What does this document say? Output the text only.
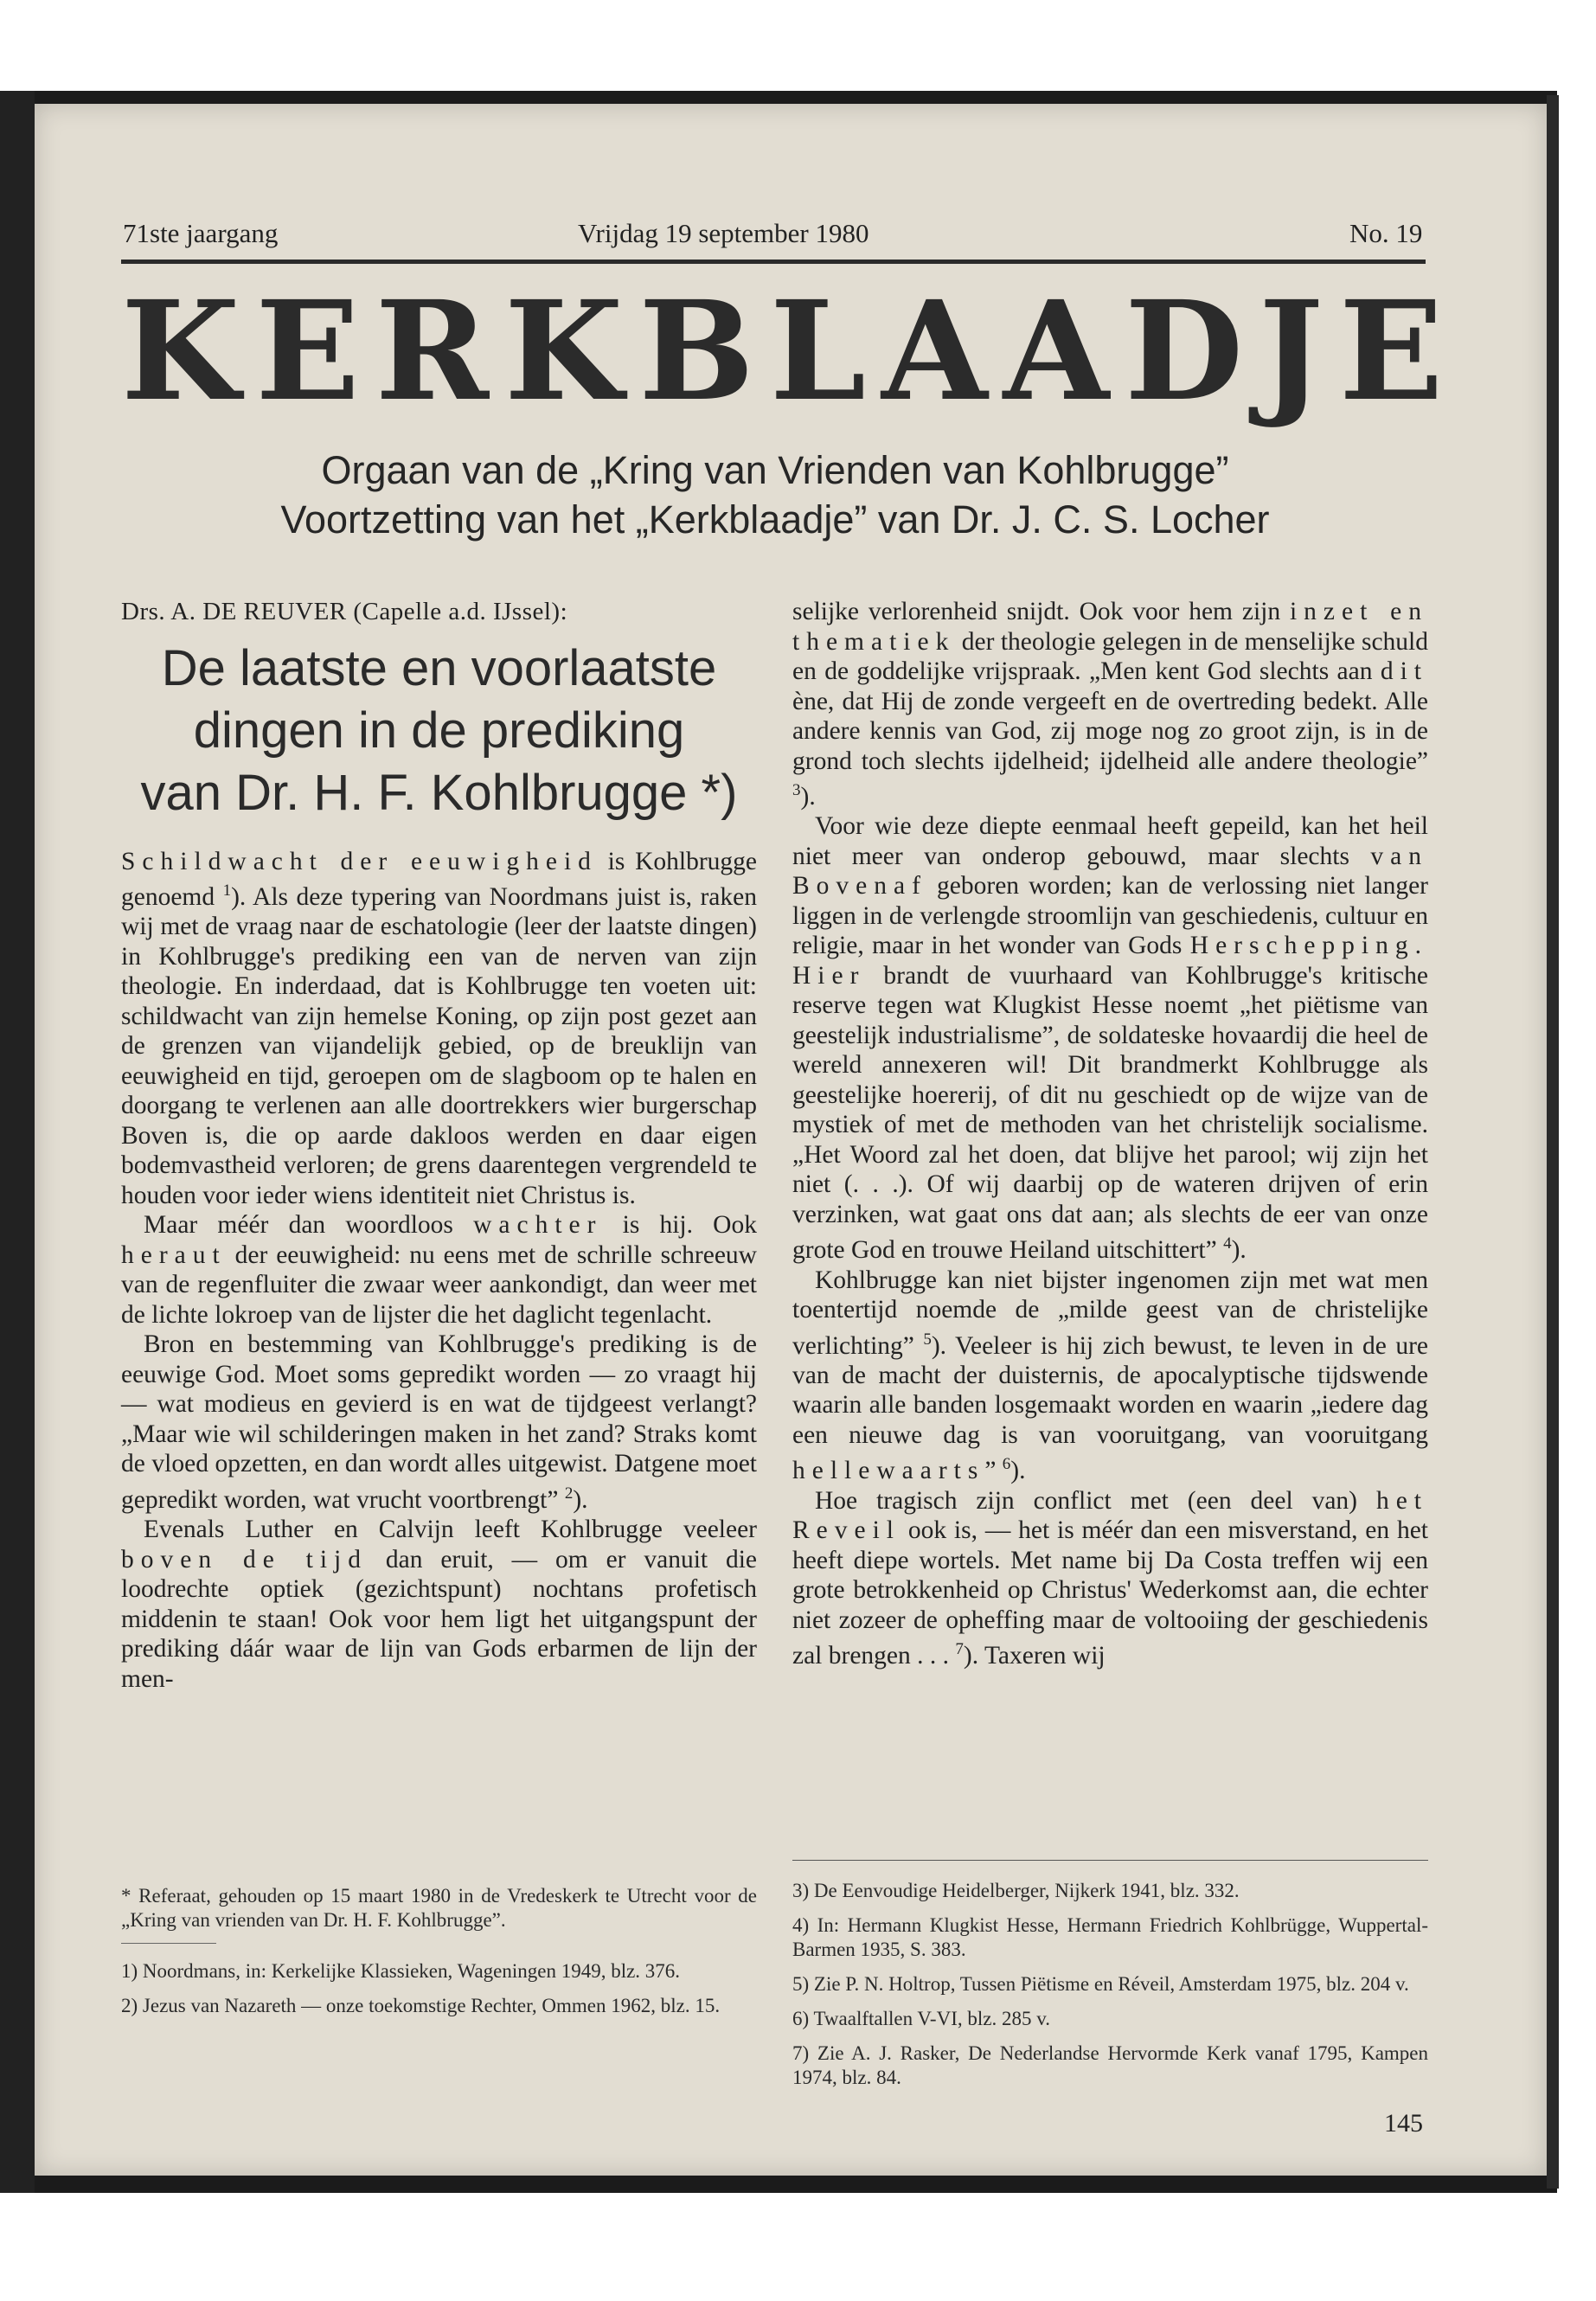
71ste jaargang	Vrijdag 19 september 1980	No. 19
KERKBLAADJE
Orgaan van de „Kring van Vrienden van Kohlbrugge”
Voortzetting van het „Kerkblaadje” van Dr. J. C. S. Locher

Drs. A. DE REUVER (Capelle a.d. IJssel):

De laatste en voorlaatste
dingen in de prediking
van Dr. H. F. Kohlbrugge *)

Schildwacht der eeuwigheid is Kohlbrugge genoemd $^1$). Als deze typering van Noordmans juist is, raken wij met de vraag naar de eschatologie (leer der laatste dingen) in Kohlbrugge's prediking een van de nerven van zijn theologie. En inderdaad, dat is Kohlbrugge ten voeten uit: schildwacht van zijn hemelse Koning, op zijn post gezet aan de grenzen van vijandelijk gebied, op de breuklijn van eeuwigheid en tijd, geroepen om de slagboom op te halen en doorgang te verlenen aan alle doortrekkers wier burgerschap Boven is, die op aarde dakloos werden en daar eigen bodemvastheid verloren; de grens daarentegen vergrendeld te houden voor ieder wiens identiteit niet Christus is.

Maar méér dan woordloos wachter is hij. Ook heraut der eeuwigheid: nu eens met de schrille schreeuw van de regenfluiter die zwaar weer aankondigt, dan weer met de lichte lokroep van de lijster die het daglicht tegenlacht.

Bron en bestemming van Kohlbrugge's prediking is de eeuwige God. Moet soms gepredikt worden — zo vraagt hij — wat modieus en gevierd is en wat de tijdgeest verlangt? „Maar wie wil schilderingen maken in het zand? Straks komt de vloed opzetten, en dan wordt alles uitgewist. Datgene moet gepredikt worden, wat vrucht voortbrengt” $^2$).

Evenals Luther en Calvijn leeft Kohlbrugge veeleer boven de tijd dan eruit, — om er vanuit die loodrechte optiek (gezichtspunt) nochtans profetisch middenin te staan! Ook voor hem ligt het uitgangspunt der prediking dáár waar de lijn van Gods erbarmen de lijn der men-

selijke verlorenheid snijdt. Ook voor hem zijn inzet en thematiek der theologie gelegen in de menselijke schuld en de goddelijke vrijspraak. „Men kent God slechts aan dit ène, dat Hij de zonde vergeeft en de overtreding bedekt. Alle andere kennis van God, zij moge nog zo groot zijn, is in de grond toch slechts ijdelheid; ijdelheid alle andere theologie” $^3$).

Voor wie deze diepte eenmaal heeft gepeild, kan het heil niet meer van onderop gebouwd, maar slechts van Bovenaf geboren worden; kan de verlossing niet langer liggen in de verlengde stroomlijn van geschiedenis, cultuur en religie, maar in het wonder van Gods Herschepping. Hier brandt de vuurhaard van Kohlbrugge's kritische reserve tegen wat Klugkist Hesse noemt „het piëtisme van geestelijk industrialisme”, de soldateske hovaardij die heel de wereld annexeren wil! Dit brandmerkt Kohlbrugge als geestelijke hoererij, of dit nu geschiedt op de wijze van de mystiek of met de methoden van het christelijk socialisme. „Het Woord zal het doen, dat blijve het parool; wij zijn het niet (. . .). Of wij daarbij op de wateren drijven of erin verzinken, wat gaat ons dat aan; als slechts de eer van onze grote God en trouwe Heiland uitschittert” $^4$).

Kohlbrugge kan niet bijster ingenomen zijn met wat men toentertijd noemde de „milde geest van de christelijke verlichting” $^5$). Veeleer is hij zich bewust, te leven in de ure van de macht der duisternis, de apocalyptische tijdswende waarin alle banden losgemaakt worden en waarin „iedere dag een nieuwe dag is van vooruitgang, van vooruitgang hellewaarts” $^6$).

Hoe tragisch zijn conflict met (een deel van) het Reveil ook is, — het is méér dan een misverstand, en het heeft diepe wortels. Met name bij Da Costa treffen wij een grote betrokkenheid op Christus' Wederkomst aan, die echter niet zozeer de opheffing maar de voltooiing der geschiedenis zal brengen . . . $^7$). Taxeren wij

* Referaat, gehouden op 15 maart 1980 in de Vredeskerk te Utrecht voor de „Kring van vrienden van Dr. H. F. Kohlbrugge”.

1) Noordmans, in: Kerkelijke Klassieken, Wageningen 1949, blz. 376.

2) Jezus van Nazareth — onze toekomstige Rechter, Ommen 1962, blz. 15.

3) De Eenvoudige Heidelberger, Nijkerk 1941, blz. 332.

4) In: Hermann Klugkist Hesse, Hermann Friedrich Kohlbrügge, Wuppertal-Barmen 1935, S. 383.

5) Zie P. N. Holtrop, Tussen Piëtisme en Réveil, Amsterdam 1975, blz. 204 v.

6) Twaalftallen V-VI, blz. 285 v.

7) Zie A. J. Rasker, De Nederlandse Hervormde Kerk vanaf 1795, Kampen 1974, blz. 84.

145
